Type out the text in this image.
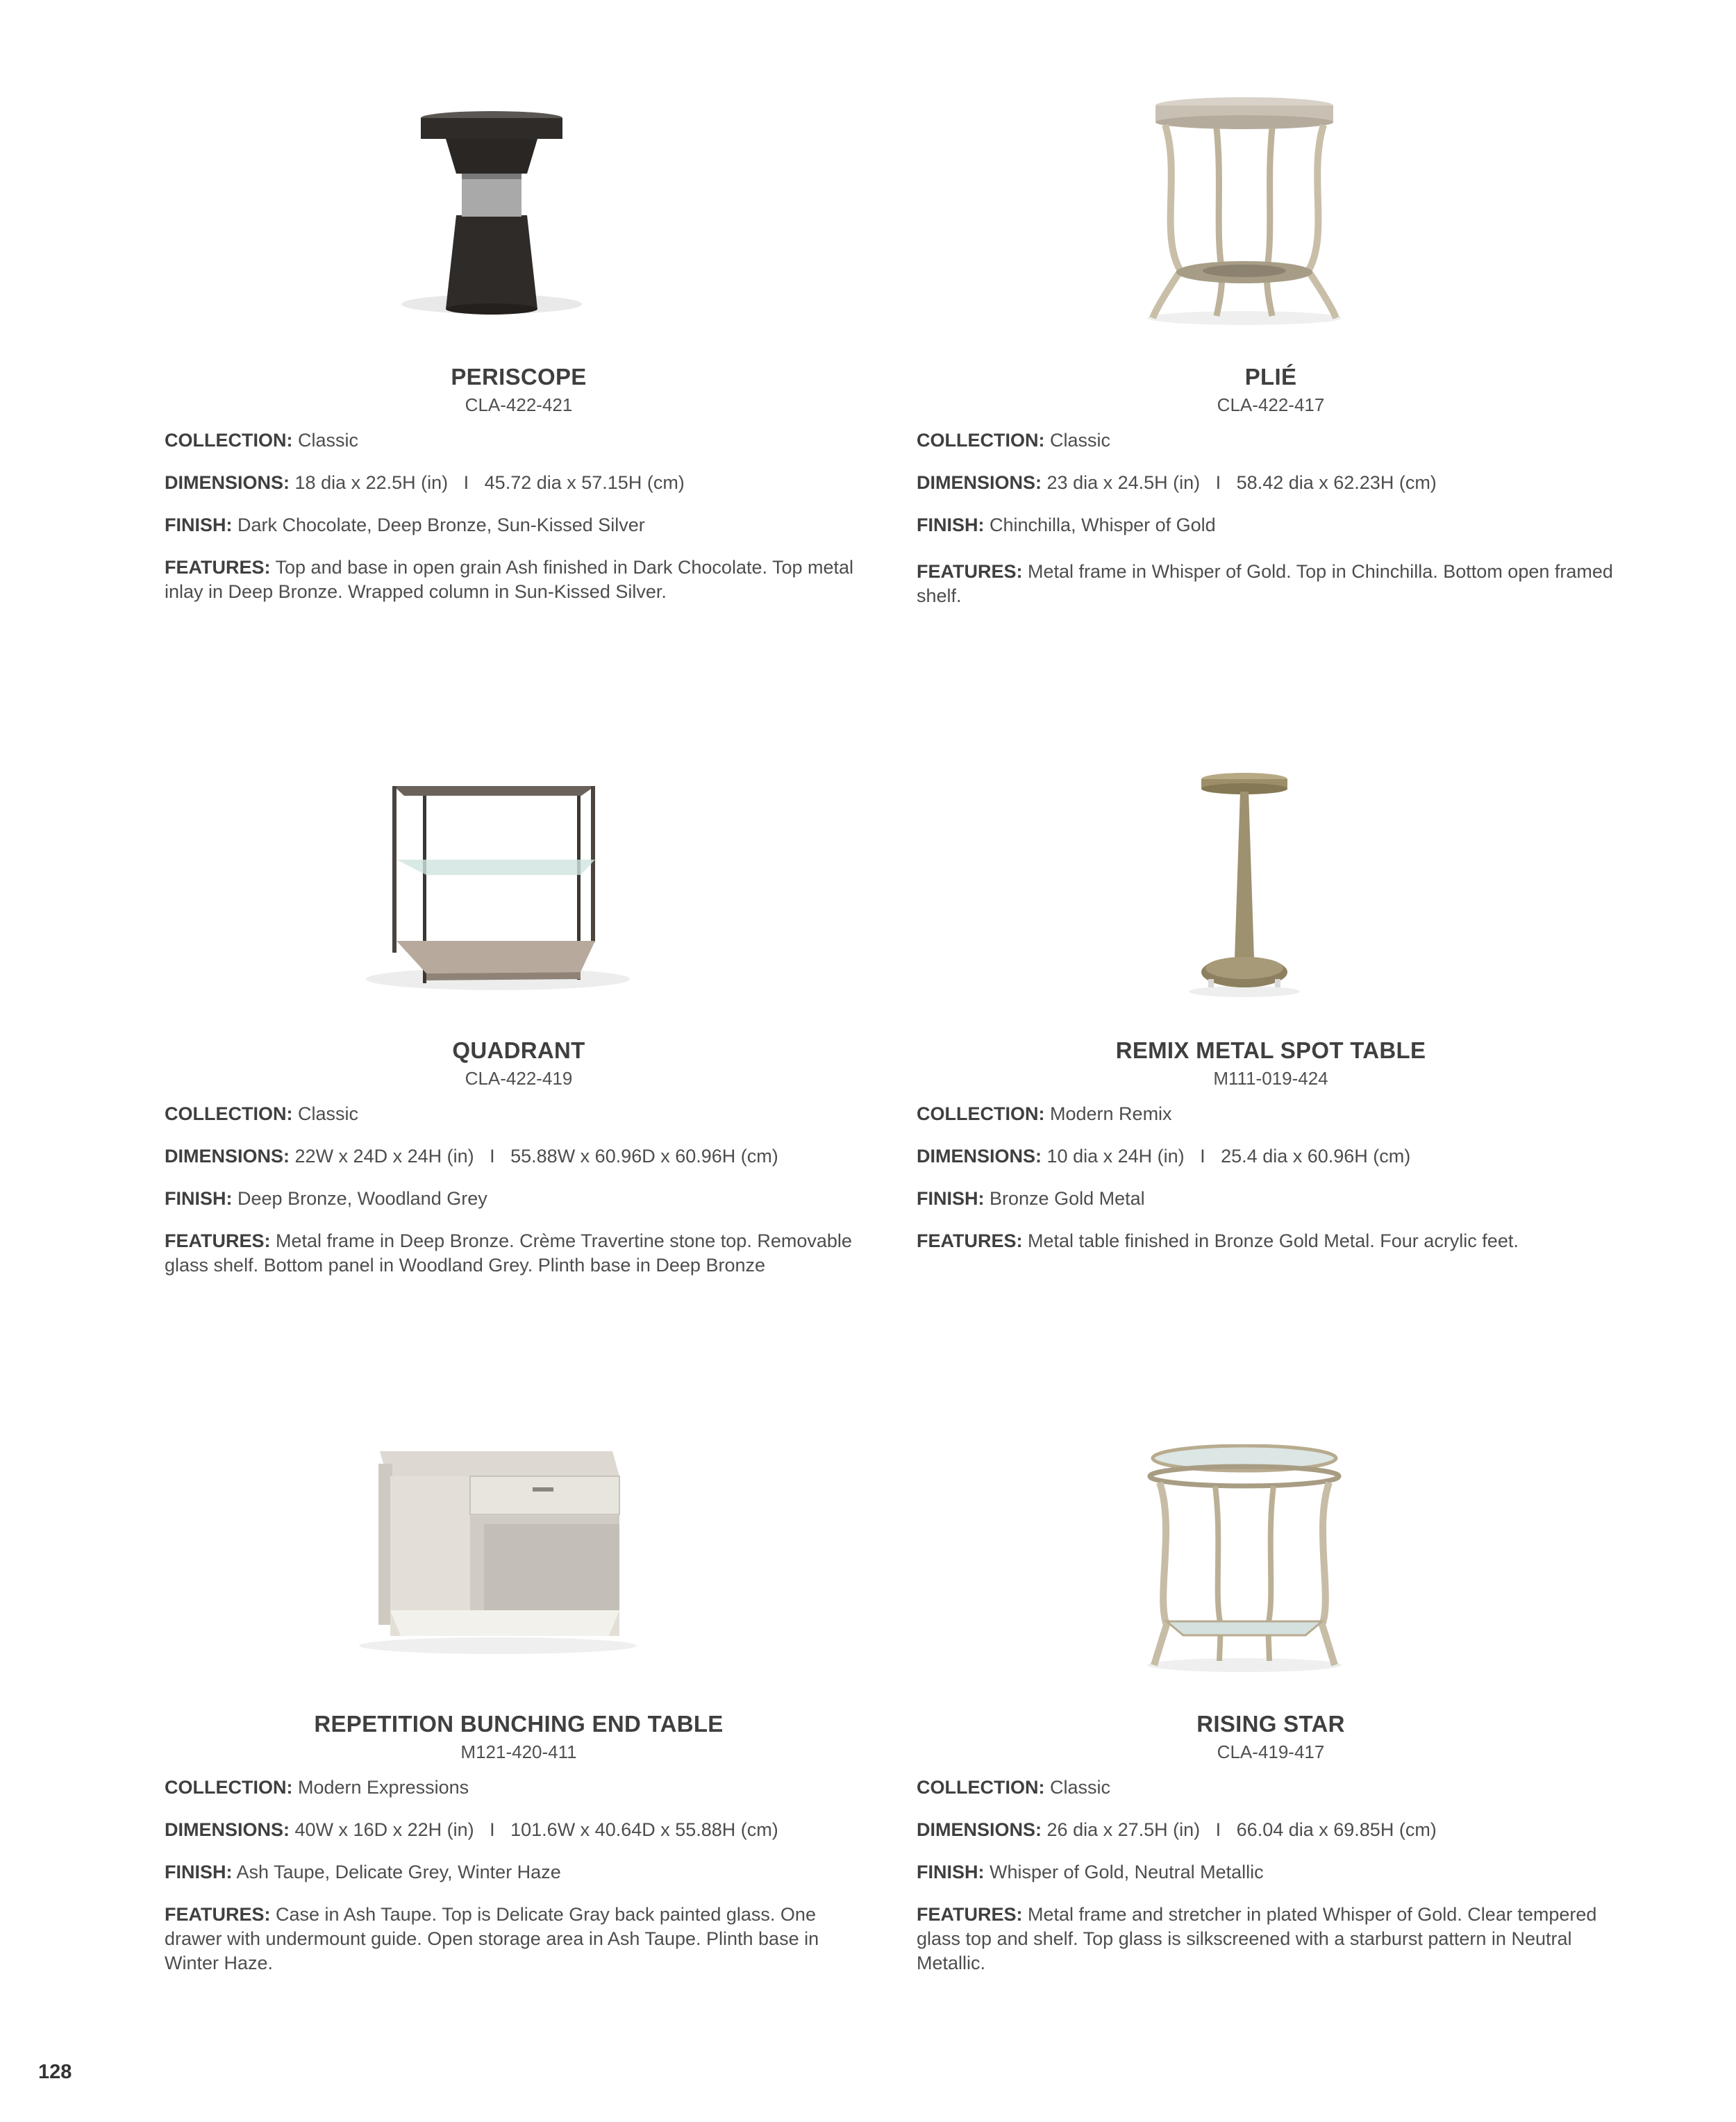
PERISCOPE
CLA-422-421
COLLECTION: Classic
DIMENSIONS: 18 dia x 22.5H (in)   I   45.72 dia x 57.15H (cm)
FINISH: Dark Chocolate, Deep Bronze, Sun-Kissed Silver
FEATURES: Top and base in open grain Ash finished in Dark Chocolate. Top metal inlay in Deep Bronze. Wrapped column in Sun-Kissed Silver.
PLIÉ
CLA-422-417
COLLECTION: Classic
DIMENSIONS: 23 dia x 24.5H (in)   I   58.42 dia x 62.23H (cm)
FINISH: Chinchilla, Whisper of Gold
FEATURES: Metal frame in Whisper of Gold. Top in Chinchilla. Bottom open framed shelf.
QUADRANT
CLA-422-419
COLLECTION: Classic
DIMENSIONS: 22W x 24D x 24H (in)   I   55.88W x 60.96D x 60.96H (cm)
FINISH: Deep Bronze, Woodland Grey
FEATURES: Metal frame in Deep Bronze. Crème Travertine stone top. Removable glass shelf. Bottom panel in Woodland Grey. Plinth base in Deep Bronze
REMIX METAL SPOT TABLE
M111-019-424
COLLECTION: Modern Remix
DIMENSIONS: 10 dia x 24H (in)   I   25.4 dia x 60.96H (cm)
FINISH: Bronze Gold Metal
FEATURES: Metal table finished in Bronze Gold Metal. Four acrylic feet.
REPETITION BUNCHING END TABLE
M121-420-411
COLLECTION: Modern Expressions
DIMENSIONS: 40W x 16D x 22H (in)   I   101.6W x 40.64D x 55.88H (cm)
FINISH: Ash Taupe, Delicate Grey, Winter Haze
FEATURES: Case in Ash Taupe. Top is Delicate Gray back painted glass. One drawer with undermount guide. Open storage area in Ash Taupe. Plinth base in Winter Haze.
RISING STAR
CLA-419-417
COLLECTION: Classic
DIMENSIONS: 26 dia x 27.5H (in)   I   66.04 dia x 69.85H (cm)
FINISH: Whisper of Gold, Neutral Metallic
FEATURES: Metal frame and stretcher in plated Whisper of Gold. Clear tempered glass top and shelf. Top glass is silkscreened with a starburst pattern in Neutral Metallic.
128
